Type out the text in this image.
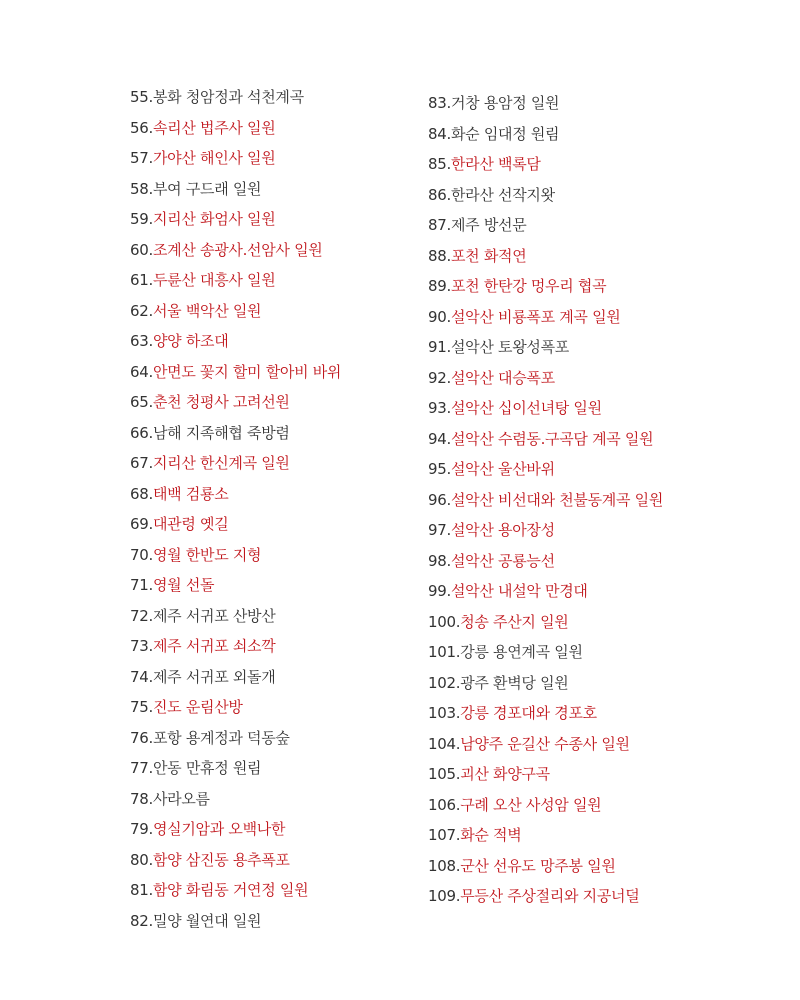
55.봉화 청암정과 석천계곡
56.속리산 법주사 일원
57.가야산 해인사 일원
58.부여 구드래 일원
59.지리산 화엄사 일원
60.조계산 송광사.선암사 일원
61.두륜산 대흥사 일원
62.서울 백악산 일원
63.양양 하조대
64.안면도 꽃지 할미 할아비 바위
65.춘천 청평사 고려선원
66.남해 지족해협 죽방렴
67.지리산 한신계곡 일원
68.태백 검룡소
69.대관령 옛길
70.영월 한반도 지형
71.영월 선돌
72.제주 서귀포 산방산
73.제주 서귀포 쇠소깍
74.제주 서귀포 외돌개
75.진도 운림산방
76.포항 용계정과 덕동숲
77.안동 만휴정 원림
78.사라오름
79.영실기암과 오백나한
80.함양 삼진동 용추폭포
81.함양 화림동 거연정 일원
82.밀양 월연대 일원
83.거창 용암정 일원
84.화순 임대정 원림
85.한라산 백록담
86.한라산 선작지왓
87.제주 방선문
88.포천 화적연
89.포천 한탄강 멍우리 협곡
90.설악산 비룡폭포 계곡 일원
91.설악산 토왕성폭포
92.설악산 대승폭포
93.설악산 십이선녀탕 일원
94.설악산 수렴동.구곡담 계곡 일원
95.설악산 울산바위
96.설악산 비선대와 천불동계곡 일원
97.설악산 용아장성
98.설악산 공룡능선
99.설악산 내설악 만경대
100.청송 주산지 일원
101.강릉 용연계곡 일원
102.광주 환벽당 일원
103.강릉 경포대와 경포호
104.남양주 운길산 수종사 일원
105.괴산 화양구곡
106.구례 오산 사성암 일원
107.화순 적벽
108.군산 선유도 망주봉 일원
109.무등산 주상절리와 지공너덜
